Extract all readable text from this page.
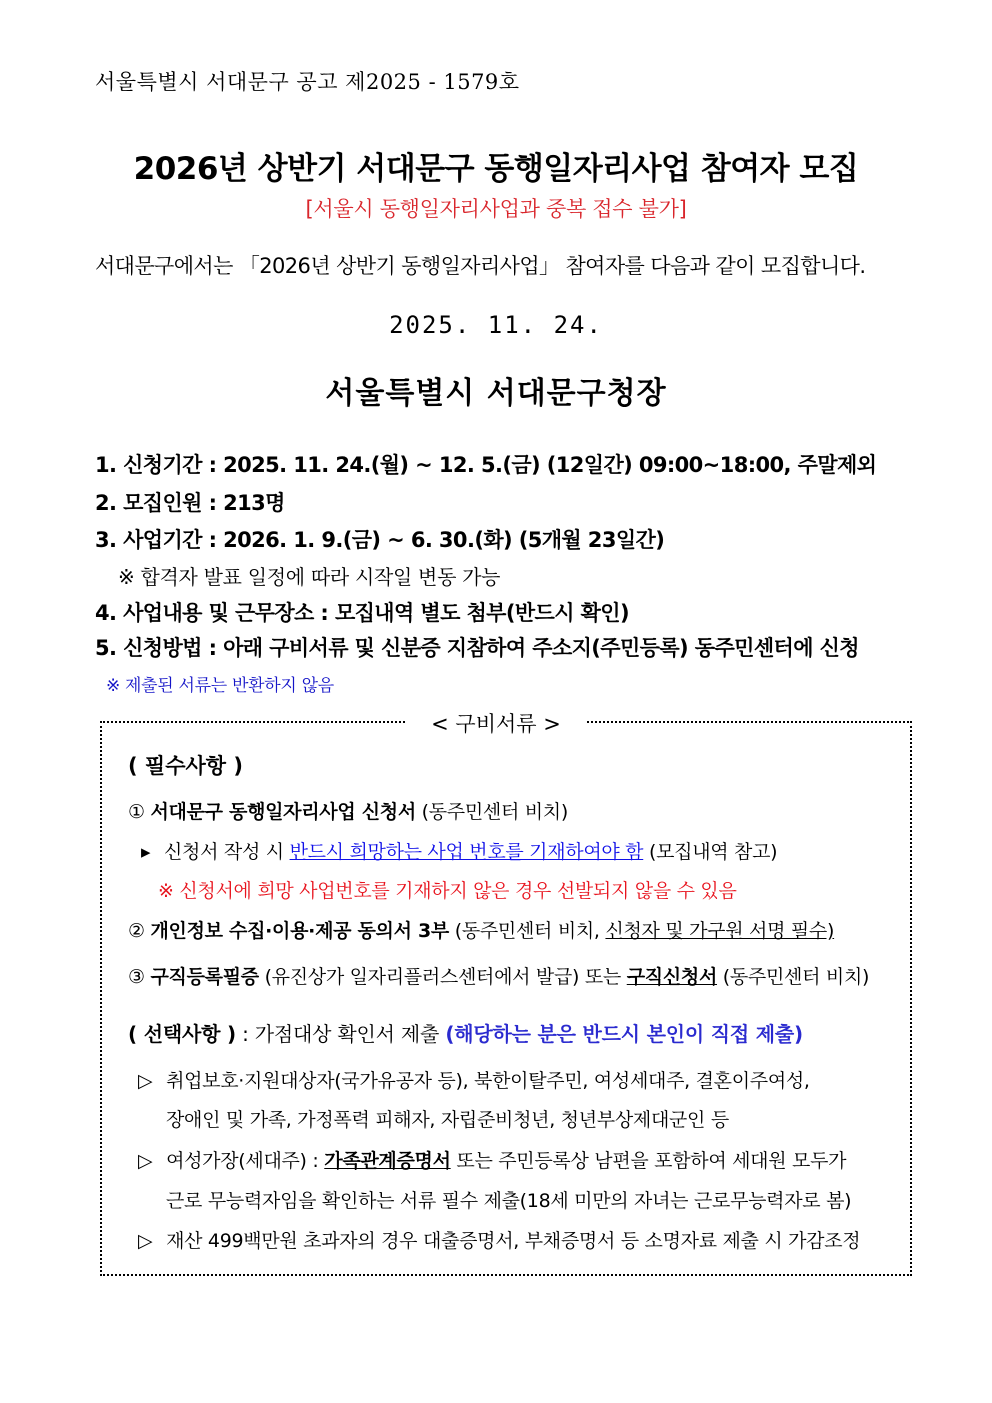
서울특별시 서대문구 공고 제2025 - 1579호
2026년 상반기 서대문구 동행일자리사업 참여자 모집
[서울시 동행일자리사업과 중복 접수 불가]
서대문구에서는 「2026년 상반기 동행일자리사업」 참여자를 다음과 같이 모집합니다.
2025. 11. 24.
서울특별시 서대문구청장
1. 신청기간 : 2025. 11. 24.(월) ~ 12. 5.(금) (12일간) 09:00~18:00, 주말제외
2. 모집인원 : 213명
3. 사업기간 : 2026. 1. 9.(금) ~ 6. 30.(화) (5개월 23일간)
※ 합격자 발표 일정에 따라 시작일 변동 가능
4. 사업내용 및 근무장소 : 모집내역 별도 첨부(반드시 확인)
5. 신청방법 : 아래 구비서류 및 신분증 지참하여 주소지(주민등록) 동주민센터에 신청
※ 제출된 서류는 반환하지 않음
< 구비서류 >
( 필수사항 )
① 서대문구 동행일자리사업 신청서 (동주민센터 비치)
▸ 신청서 작성 시 반드시 희망하는 사업 번호를 기재하여야 함 (모집내역 참고)
※ 신청서에 희망 사업번호를 기재하지 않은 경우 선발되지 않을 수 있음
② 개인정보 수집·이용·제공 동의서 3부 (동주민센터 비치, 신청자 및 가구원 서명 필수)
③ 구직등록필증 (유진상가 일자리플러스센터에서 발급) 또는 구직신청서 (동주민센터 비치)
( 선택사항 ) : 가점대상 확인서 제출 (해당하는 분은 반드시 본인이 직접 제출)
▷ 취업보호·지원대상자(국가유공자 등), 북한이탈주민, 여성세대주, 결혼이주여성,
장애인 및 가족, 가정폭력 피해자, 자립준비청년, 청년부상제대군인 등
▷ 여성가장(세대주) : 가족관계증명서 또는 주민등록상 남편을 포함하여 세대원 모두가
근로 무능력자임을 확인하는 서류 필수 제출(18세 미만의 자녀는 근로무능력자로 봄)
▷ 재산 499백만원 초과자의 경우 대출증명서, 부채증명서 등 소명자료 제출 시 가감조정
